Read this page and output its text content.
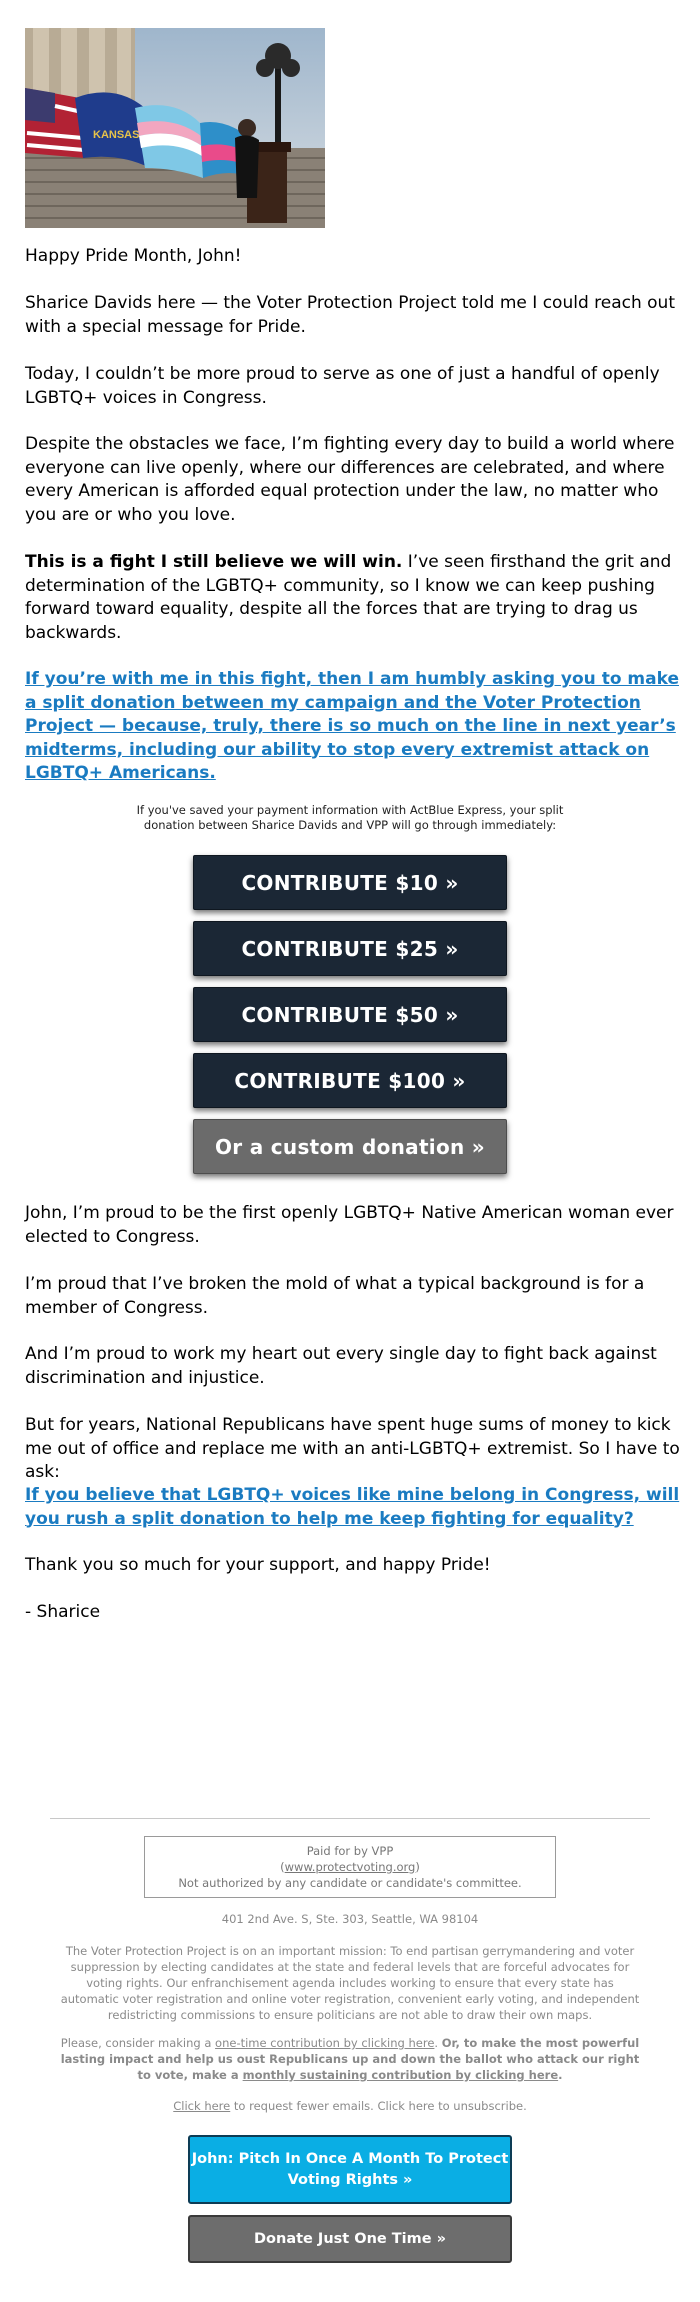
KANSAS

Happy Pride Month, John!

Sharice Davids here — the Voter Protection Project told me I could reach out with a special message for Pride.

Today, I couldn’t be more proud to serve as one of just a handful of openly LGBTQ+ voices in Congress.

Despite the obstacles we face, I’m fighting every day to build a world where everyone can live openly, where our differences are celebrated, and where every American is afforded equal protection under the law, no matter who you are or who you love.

This is a fight I still believe we will win. I’ve seen firsthand the grit and determination of the LGBTQ+ community, so I know we can keep pushing forward toward equality, despite all the forces that are trying to drag us backwards.

If you’re with me in this fight, then I am humbly asking you to make a split donation between my campaign and the Voter Protection Project — because, truly, there is so much on the line in next year’s midterms, including our ability to stop every extremist attack on LGBTQ+ Americans.

If you've saved your payment information with ActBlue Express, your split donation between Sharice Davids and VPP will go through immediately:

CONTRIBUTE $10 »
CONTRIBUTE $25 »
CONTRIBUTE $50 »
CONTRIBUTE $100 »
Or a custom donation »

John, I’m proud to be the first openly LGBTQ+ Native American woman ever elected to Congress.

I’m proud that I’ve broken the mold of what a typical background is for a member of Congress.

And I’m proud to work my heart out every single day to fight back against discrimination and injustice.

But for years, National Republicans have spent huge sums of money to kick me out of office and replace me with an anti-LGBTQ+ extremist. So I have to ask:

If you believe that LGBTQ+ voices like mine belong in Congress, will you rush a split donation to help me keep fighting for equality?

Thank you so much for your support, and happy Pride!

- Sharice

Paid for by VPP
(www.protectvoting.org)
Not authorized by any candidate or candidate's committee.

401 2nd Ave. S, Ste. 303, Seattle, WA 98104

The Voter Protection Project is on an important mission: To end partisan gerrymandering and voter suppression by electing candidates at the state and federal levels that are forceful advocates for voting rights. Our enfranchisement agenda includes working to ensure that every state has automatic voter registration and online voter registration, convenient early voting, and independent redistricting commissions to ensure politicians are not able to draw their own maps.

Please, consider making a one-time contribution by clicking here. Or, to make the most powerful lasting impact and help us oust Republicans up and down the ballot who attack our right to vote, make a monthly sustaining contribution by clicking here.

Click here to request fewer emails. Click here to unsubscribe.

John: Pitch In Once A Month To Protect Voting Rights »
Donate Just One Time »
